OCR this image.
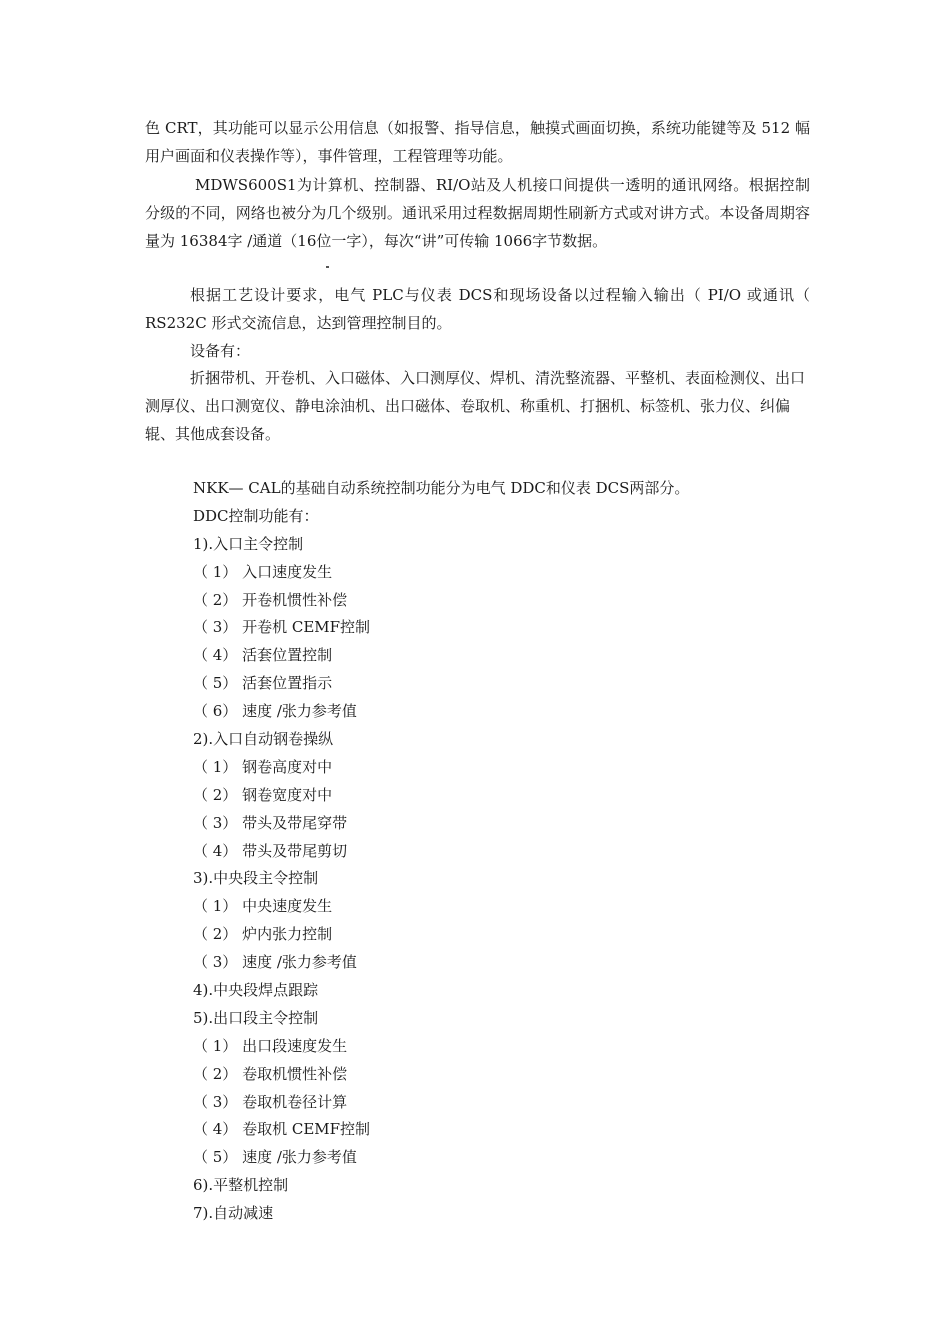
色 CRT，其功能可以显示公用信息（如报警、指导信息，触摸式画面切换，系统功能键等及 512 幅用户画面和仪表操作等），事件管理，工程管理等功能。

MDWS600S1为计算机、控制器、RI/O站及人机接口间提供一透明的通讯网络。根据控制分级的不同，网络也被分为几个级别。通讯采用过程数据周期性刷新方式或对讲方式。本设备周期容量为 16384字 /通道（16位一字），每次“讲”可传输 1066字节数据。

根据工艺设计要求，电气 PLC与仪表 DCS和现场设备以过程输入输出（ PI/O 或通讯（ RS232C 形式交流信息，达到管理控制目的。

设备有：

折捆带机、开卷机、入口磁体、入口测厚仪、焊机、清洗整流器、平整机、表面检测仪、出口测厚仪、出口测宽仪、静电涂油机、出口磁体、卷取机、称重机、打捆机、标签机、张力仪、纠偏辊、其他成套设备。

NKK— CAL的基础自动系统控制功能分为电气 DDC和仪表 DCS两部分。
DDC控制功能有：
1).入口主令控制
（ 1） 入口速度发生
（ 2） 开卷机惯性补偿
（ 3） 开卷机 CEMF控制
（ 4） 活套位置控制
（ 5） 活套位置指示
（ 6） 速度 /张力参考值
2).入口自动钢卷操纵
（ 1） 钢卷高度对中
（ 2） 钢卷宽度对中
（ 3） 带头及带尾穿带
（ 4） 带头及带尾剪切
3).中央段主令控制
（ 1） 中央速度发生
（ 2） 炉内张力控制
（ 3） 速度 /张力参考值
4).中央段焊点跟踪
5).出口段主令控制
（ 1） 出口段速度发生
（ 2） 卷取机惯性补偿
（ 3） 卷取机卷径计算
（ 4） 卷取机 CEMF控制
（ 5） 速度 /张力参考值
6).平整机控制
7).自动减速
